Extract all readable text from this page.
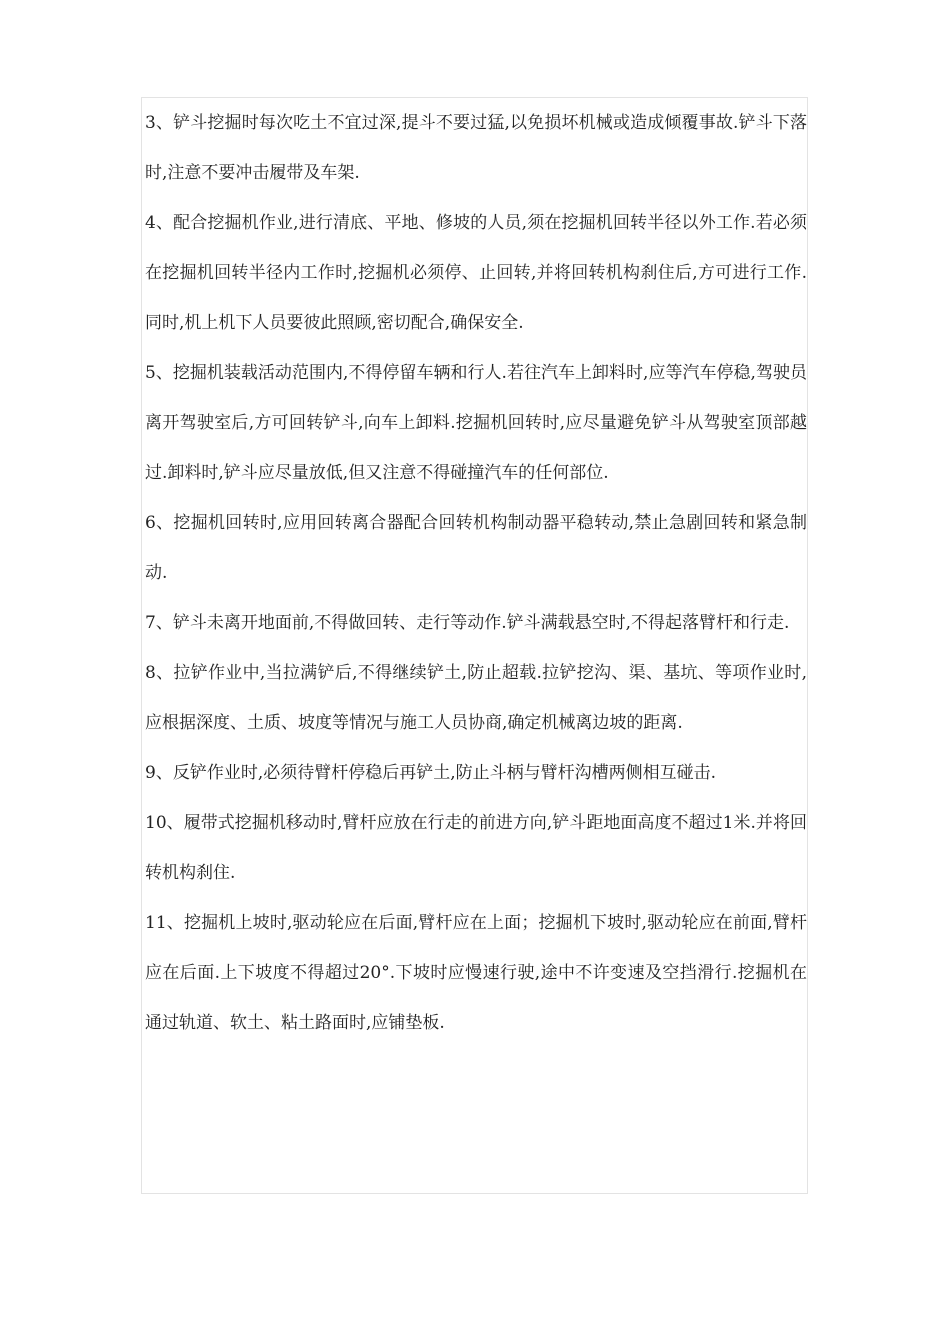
3、铲斗挖掘时每次吃土不宜过深,提斗不要过猛,以免损坏机械或造成倾覆事故.铲斗下落时,注意不要冲击履带及车架.

4、配合挖掘机作业,进行清底、平地、修坡的人员,须在挖掘机回转半径以外工作.若必须在挖掘机回转半径内工作时,挖掘机必须停、止回转,并将回转机构刹住后,方可进行工作.同时,机上机下人员要彼此照顾,密切配合,确保安全.

5、挖掘机装载活动范围内,不得停留车辆和行人.若往汽车上卸料时,应等汽车停稳,驾驶员离开驾驶室后,方可回转铲斗,向车上卸料.挖掘机回转时,应尽量避免铲斗从驾驶室顶部越过.卸料时,铲斗应尽量放低,但又注意不得碰撞汽车的任何部位.

6、挖掘机回转时,应用回转离合器配合回转机构制动器平稳转动,禁止急剧回转和紧急制动.

7、铲斗未离开地面前,不得做回转、走行等动作.铲斗满载悬空时,不得起落臂杆和行走.

8、拉铲作业中,当拉满铲后,不得继续铲土,防止超载.拉铲挖沟、渠、基坑、等项作业时,应根据深度、土质、坡度等情况与施工人员协商,确定机械离边坡的距离.

9、反铲作业时,必须待臂杆停稳后再铲土,防止斗柄与臂杆沟槽两侧相互碰击.

10、履带式挖掘机移动时,臂杆应放在行走的前进方向,铲斗距地面高度不超过1米.并将回转机构刹住.

11、挖掘机上坡时,驱动轮应在后面,臂杆应在上面；挖掘机下坡时,驱动轮应在前面,臂杆应在后面.上下坡度不得超过20°.下坡时应慢速行驶,途中不许变速及空挡滑行.挖掘机在通过轨道、软土、粘土路面时,应铺垫板.
